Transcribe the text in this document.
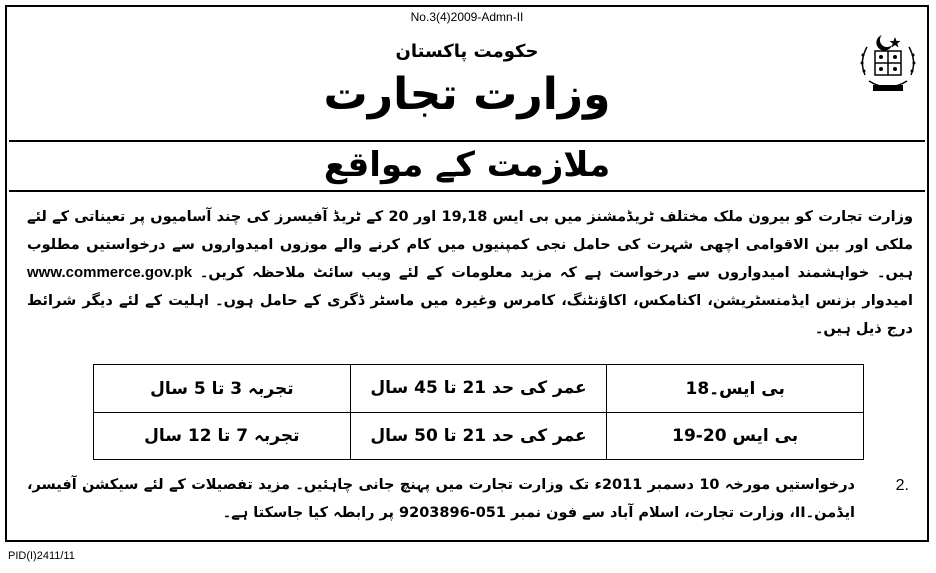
No.3(4)2009-Admn-II
حکومت پاکستان
وزارت تجارت
ملازمت کے مواقع
وزارت تجارت کو بیرون ملک مختلف ٹریڈمشنز میں بی ایس 19,18 اور 20 کے ٹریڈ آفیسرز کی چند آسامیوں پر تعیناتی کے لئے ملکی اور بین الاقوامی اچھی شہرت کی حامل نجی کمپنیوں میں کام کرنے والے موزوں امیدواروں سے درخواستیں مطلوب ہیں۔ خواہشمند امیدواروں سے درخواست ہے کہ مزید معلومات کے لئے ویب سائٹ ملاحظہ کریں۔ www.commerce.gov.pk امیدوار بزنس ایڈمنسٹریشن، اکنامکس، اکاؤنٹنگ، کامرس وغیرہ میں ماسٹر ڈگری کے حامل ہوں۔ اہلیت کے لئے دیگر شرائط درج ذیل ہیں۔
بی ایس۔18	عمر کی حد 21 تا 45 سال	تجربہ 3 تا 5 سال
بی ایس 20-19	عمر کی حد 21 تا 50 سال	تجربہ 7 تا 12 سال
2.
درخواستیں مورخہ 10 دسمبر 2011ء تک وزارت تجارت میں پہنچ جانی چاہئیں۔ مزید تفصیلات کے لئے سیکشن آفیسر، ایڈمن۔II، وزارت تجارت، اسلام آباد سے فون نمبر 051-9203896 پر رابطہ کیا جاسکتا ہے۔
PID(I)2411/11
